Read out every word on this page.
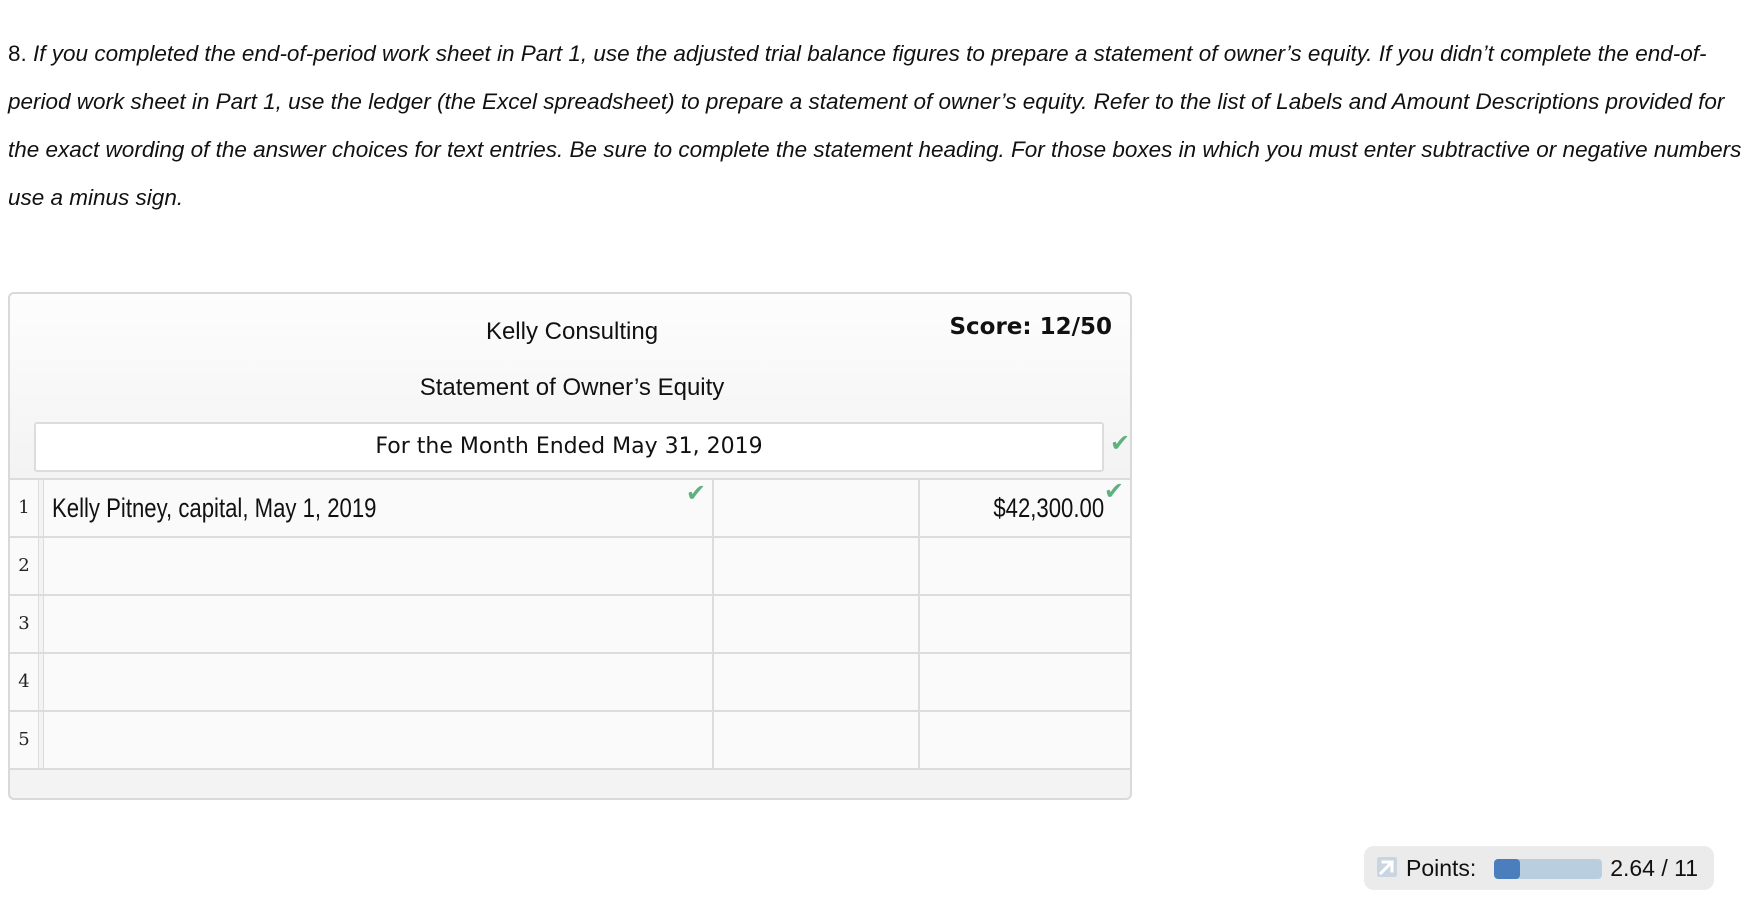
8. If you completed the end-of-period work sheet in Part 1, use the adjusted trial balance figures to prepare a statement of owner’s equity. If you didn’t complete the end-of-period work sheet in Part 1, use the ledger (the Excel spreadsheet) to prepare a statement of owner’s equity. Refer to the list of Labels and Amount Descriptions provided for the exact wording of the answer choices for text entries. Be sure to complete the statement heading. For those boxes in which you must enter subtractive or negative numbers use a minus sign.
Kelly Consulting
Statement of Owner’s Equity
Score: 12/50
For the Month Ended May 31, 2019	✔
1 Kelly Pitney, capital, May 1, 2019	✔	$42,300.00
✔
2
3
4
5
Points:	2.64 / 11
